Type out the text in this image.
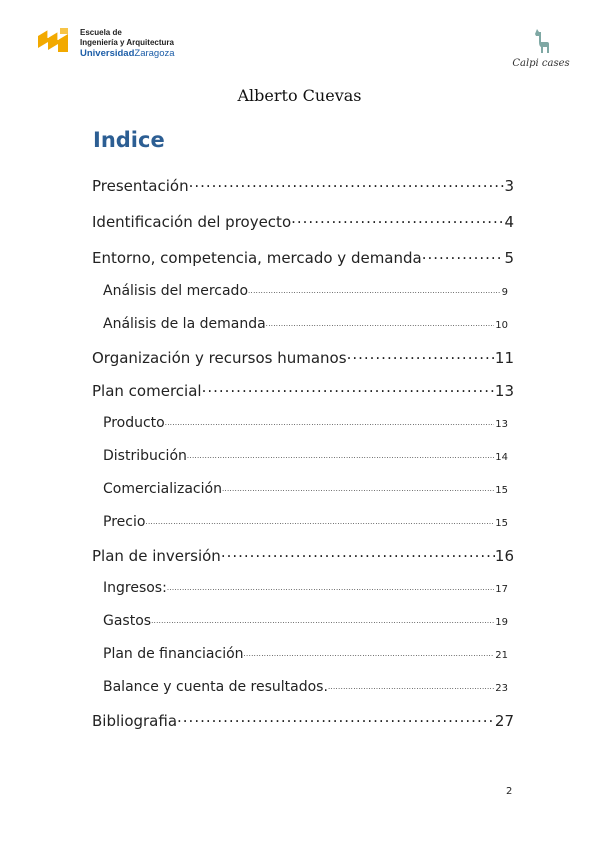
Escuela de
Ingeniería y Arquitectura
UniversidadZaragoza
Calpi cases
Alberto Cuevas
Indice
Presentación .....	3
Identificación del proyecto .....	4
Entorno, competencia, mercado y demanda .....	5
Análisis del mercado .....	9
Análisis de la demanda .....	10
Organización y recursos humanos .....	11
Plan comercial .....	13
Producto .....	13
Distribución .....	14
Comercialización .....	15
Precio .....	15
Plan de inversión .....	16
Ingresos: .....	17
Gastos .....	19
Plan de financiación .....	21
Balance y cuenta de resultados. .....	23
Bibliografia .....	27
2
